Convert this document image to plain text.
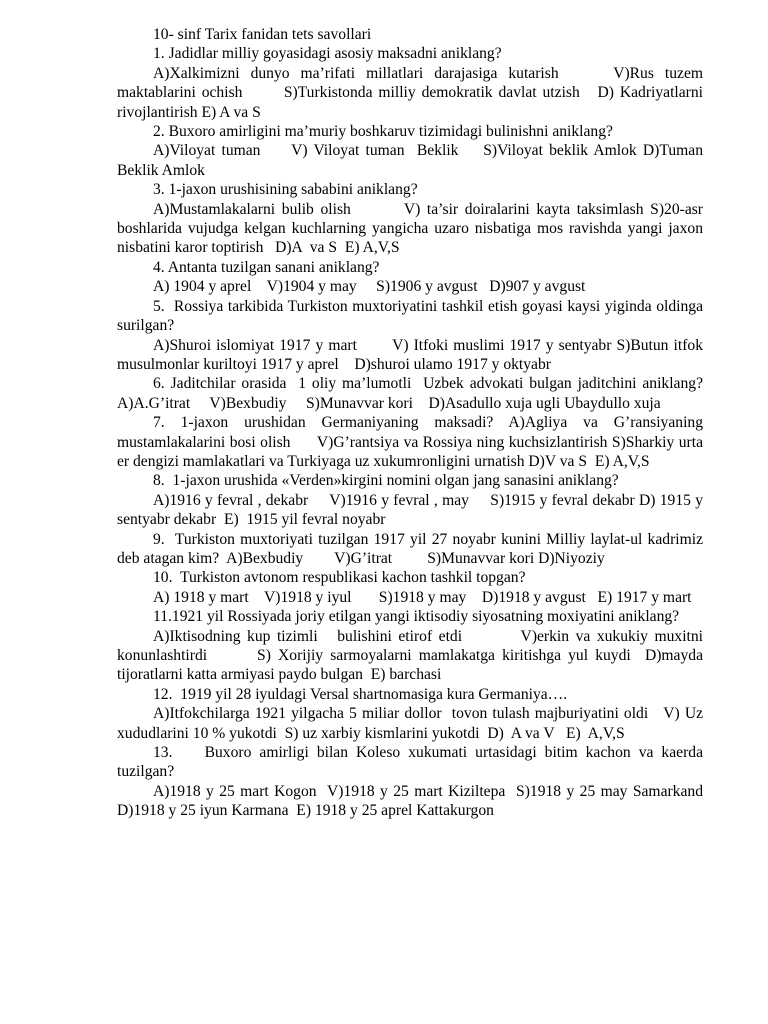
10- sinf Tarix fanidan tets savollari

1. Jadidlar milliy goyasidagi asosiy maksadni aniklang?

A)Xalkimizni dunyo ma’rifati millatlari darajasiga kutarish     V)Rus tuzem maktablarini ochish       S)Turkistonda milliy demokratik davlat utzish   D) Kadriyatlarni rivojlantirish E) A va S

2. Buxoro amirligini ma’muriy boshkaruv tizimidagi bulinishni aniklang?

A)Viloyat tuman     V) Viloyat tuman  Beklik    S)Viloyat beklik Amlok D)Tuman Beklik Amlok

3. 1-jaxon urushisining sababini aniklang?

A)Mustamlakalarni bulib olish        V) ta’sir doiralarini kayta taksimlash S)20-asr boshlarida vujudga kelgan kuchlarning yangicha uzaro nisbatiga mos ravishda yangi jaxon nisbatini karor toptirish   D)A  va S  E) A,V,S

4. Antanta tuzilgan sanani aniklang?

A) 1904 y aprel    V)1904 y may     S)1906 y avgust   D)907 y avgust

5.  Rossiya tarkibida Turkiston muxtoriyatini tashkil etish goyasi kaysi yiginda oldinga surilgan?

A)Shuroi islomiyat 1917 y mart       V) Itfoki muslimi 1917 y sentyabr S)Butun itfok musulmonlar kuriltoyi 1917 y aprel    D)shuroi ulamo 1917 y oktyabr

6. Jaditchilar orasida  1 oliy ma’lumotli  Uzbek advokati bulgan jaditchini aniklang?  A)A.G’itrat     V)Bexbudiy     S)Munavvar kori    D)Asadullo xuja ugli Ubaydullo xuja

7. 1-jaxon urushidan Germaniyaning maksadi? A)Agliya va G’ransiyaning mustamlakalarini bosi olish      V)G’rantsiya va Rossiya ning kuchsizlantirish S)Sharkiy urta er dengizi mamlakatlari va Turkiyaga uz xukumronligini urnatish D)V va S  E) A,V,S

8.  1-jaxon urushida «Verden»kirgini nomini olgan jang sanasini aniklang?

A)1916 y fevral , dekabr     V)1916 y fevral , may     S)1915 y fevral dekabr D) 1915 y sentyabr dekabr  E)  1915 yil fevral noyabr

9.  Turkiston muxtoriyati tuzilgan 1917 yil 27 noyabr kunini Milliy laylat-ul kadrimiz deb atagan kim?  A)Bexbudiy        V)G’itrat         S)Munavvar kori D)Niyoziy

10.  Turkiston avtonom respublikasi kachon tashkil topgan?

A) 1918 y mart    V)1918 y iyul       S)1918 y may    D)1918 y avgust   E) 1917 y mart

11.1921 yil Rossiyada joriy etilgan yangi iktisodiy siyosatning moxiyatini aniklang?

A)Iktisodning kup tizimli   bulishini etirof etdi         V)erkin va xukukiy muxitni konunlashtirdi       S) Xorijiy sarmoyalarni mamlakatga kiritishga yul kuydi  D)mayda tijoratlarni katta armiyasi paydo bulgan  E) barchasi

12.  1919 yil 28 iyuldagi Versal shartnomasiga kura Germaniya….

A)Itfokchilarga 1921 yilgacha 5 miliar dollor  tovon tulash majburiyatini oldi   V) Uz xududlarini 10 % yukotdi  S) uz xarbiy kismlarini yukotdi  D)  A va V   E)  A,V,S

13.    Buxoro amirligi bilan Koleso xukumati urtasidagi bitim kachon va kaerda tuzilgan?

A)1918 y 25 mart Kogon  V)1918 y 25 mart Kiziltepa  S)1918 y 25 may Samarkand   D)1918 y 25 iyun Karmana  E) 1918 y 25 aprel Kattakurgon
